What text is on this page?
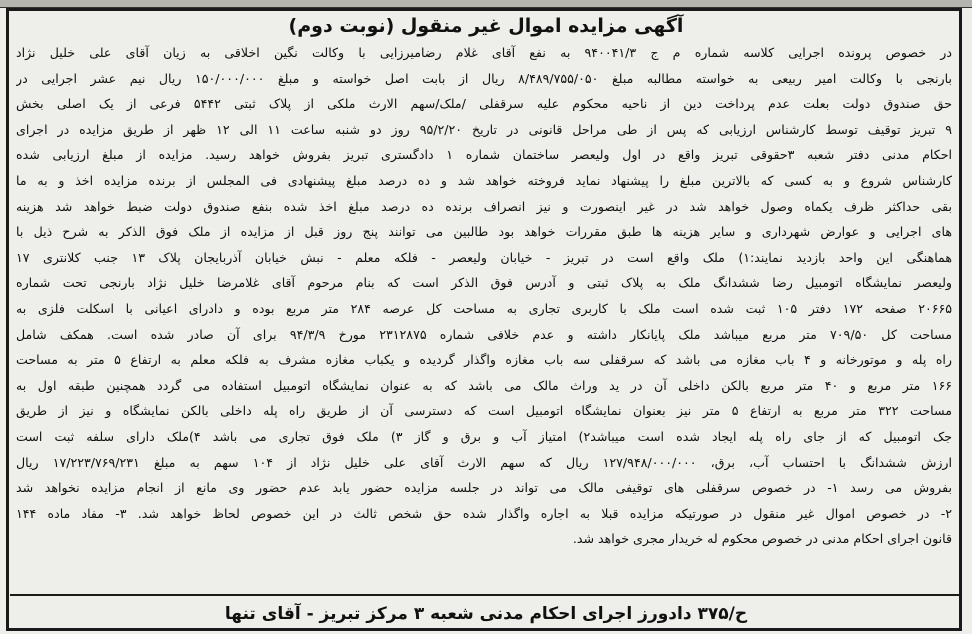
آگهی مزایده اموال غیر منقول (نوبت دوم)
در خصوص پرونده اجرایی کلاسه شماره م ج ۹۴۰۰۴۱/۳ به نفع آقای غلام رضامیرزایی با وکالت نگین اخلاقی به زیان آقای علی خلیل نژاد
بارنجی با وکالت امیر ربیعی به خواسته مطالبه مبلغ ۸/۴۸۹/۷۵۵/۰۵۰ ریال از بابت اصل خواسته و مبلغ ۱۵۰/۰۰۰/۰۰۰ ریال نیم عشر اجرایی در
حق صندوق دولت بعلت عدم پرداخت دین از ناحیه محکوم علیه سرقفلی /ملک/سهم الارث ملکی از پلاک ثبتی ۵۴۴۲ فرعی از یک اصلی بخش
۹ تبریز توقیف توسط کارشناس ارزیابی که پس از طی مراحل قانونی در تاریخ ۹۵/۲/۲۰ روز دو شنبه ساعت ۱۱ الی ۱۲ ظهر از طریق مزایده در اجرای
احکام مدنی دفتر شعبه ۳حقوقی تبریز واقع در اول ولیعصر ساختمان شماره ۱ دادگستری تبریز بفروش خواهد رسید. مزایده از مبلغ ارزیابی شده
کارشناس شروع و به کسی که بالاترین مبلغ را پیشنهاد نماید فروخته خواهد شد و ده درصد مبلغ پیشنهادی فی المجلس از برنده مزایده اخذ و به ما
بقی حداکثر ظرف یکماه وصول خواهد شد در غیر اینصورت و نیز انصراف برنده ده درصد مبلغ اخذ شده بنفع صندوق دولت ضبط خواهد شد هزینه
های اجرایی و عوارض شهرداری و سایر هزینه ها طبق مقررات خواهد بود طالبین می توانند پنج روز قبل از مزایده از ملک فوق الذکر به شرح ذیل با
هماهنگی این واحد بازدید نمایند:۱) ملک واقع است در تبریز - خیابان ولیعصر - فلکه معلم - نبش خیابان آذربایجان پلاک ۱۳ جنب کلانتری ۱۷
ولیعصر نمایشگاه اتومبیل رضا ششدانگ ملک به پلاک ثبتی و آدرس فوق الذکر است که بنام مرحوم آقای غلامرضا خلیل نژاد بارنجی تحت شماره
۲۰۶۶۵ صفحه ۱۷۲ دفتر ۱۰۵ ثبت شده است ملک با کاربری تجاری به مساحت کل عرصه ۲۸۴ متر مربع بوده و دادرای اعیانی با اسکلت فلزی به
مساحت کل ۷۰۹/۵۰ متر مربع میباشد ملک پایانکار داشته و عدم خلافی شماره ۲۳۱۲۸۷۵ مورخ ۹۴/۳/۹ برای آن صادر شده است. همکف شامل
راه پله و موتورخانه و ۴ باب مغازه می باشد که سرقفلی سه باب مغازه واگذار گردیده و یکباب مغازه مشرف به فلکه معلم به ارتفاع ۵ متر به مساحت
۱۶۶ متر مربع و ۴۰ متر مربع بالکن داخلی آن در ید وراث مالک می باشد که به عنوان نمایشگاه اتومبیل استفاده می گردد همچنین طبقه اول به
مساحت ۳۲۲ متر مربع به ارتفاع ۵ متر نیز بعنوان نمایشگاه اتومبیل است که دسترسی آن از طریق راه پله داخلی بالکن نمایشگاه و نیز از طریق
جک اتومبیل که از جای راه پله ایجاد شده است میباشد۲) امتیاز آب و برق و گاز ۳) ملک فوق تجاری می باشد ۴)ملک دارای سلفه ثبت است
ارزش ششدانگ با احتساب آب، برق، ۱۲۷/۹۴۸/۰۰۰/۰۰۰ ریال که سهم الارث آقای علی خلیل نژاد از ۱۰۴ سهم به مبلغ ۱۷/۲۲۳/۷۶۹/۲۳۱ ریال
بفروش می رسد ۱- در خصوص سرقفلی های توقیفی مالک می تواند در جلسه مزایده حضور یابد عدم حضور وی مانع از انجام مزایده نخواهد شد
۲- در خصوص اموال غیر منقول در صورتیکه مزایده قبلا به اجاره واگذار شده حق شخص ثالث در این خصوص لحاظ خواهد شد. ۳- مفاد ماده ۱۴۴
قانون اجرای احکام مدنی در خصوص محکوم له خریدار مجری خواهد شد.
ح/۳۷۵ دادورز اجرای احکام مدنی شعبه ۳ مرکز تبریز - آقای تنها
